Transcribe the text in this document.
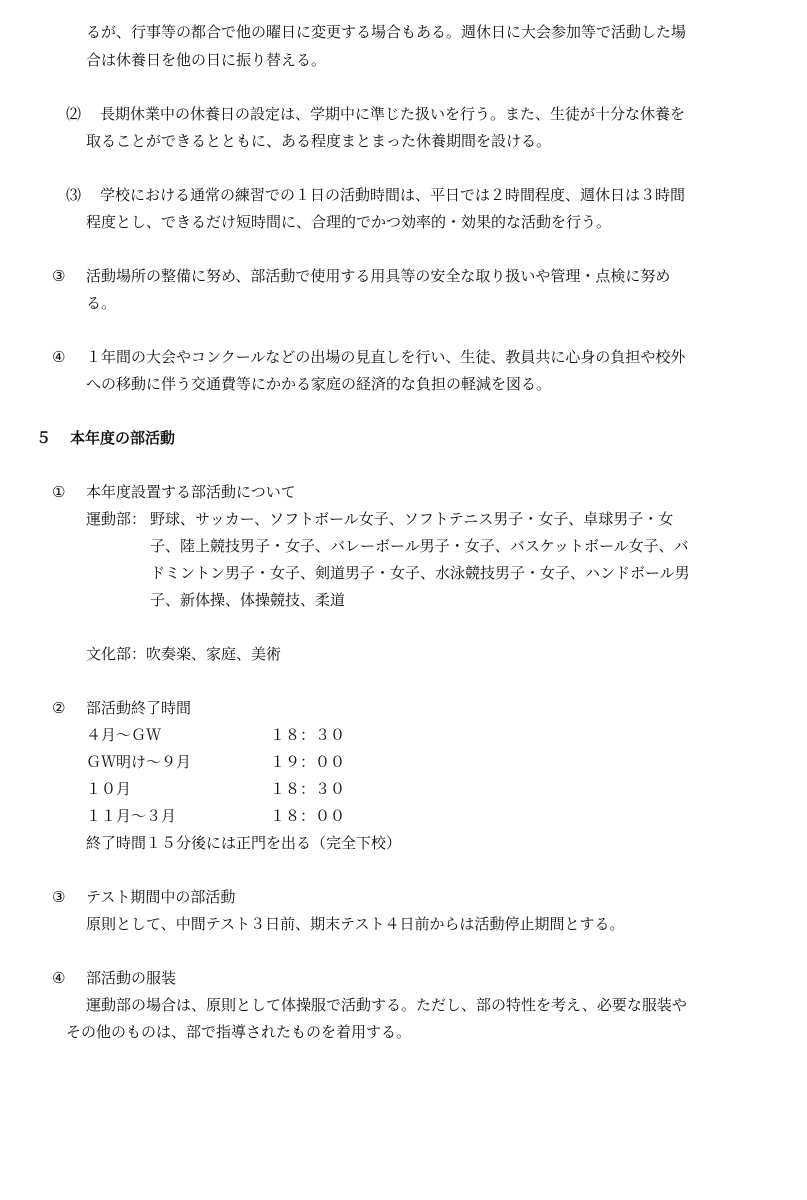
るが、行事等の都合で他の曜日に変更する場合もある。週休日に大会参加等で活動した場
合は休養日を他の日に振り替える。
⑵ 長期休業中の休養日の設定は、学期中に準じた扱いを行う。また、生徒が十分な休養を
取ることができるとともに、ある程度まとまった休養期間を設ける。
⑶ 学校における通常の練習での１日の活動時間は、平日では２時間程度、週休日は３時間
程度とし、できるだけ短時間に、合理的でかつ効率的・効果的な活動を行う。
③ 活動場所の整備に努め、部活動で使用する用具等の安全な取り扱いや管理・点検に努め
る。
④ １年間の大会やコンクールなどの出場の見直しを行い、生徒、教員共に心身の負担や校外
への移動に伴う交通費等にかかる家庭の経済的な負担の軽減を図る。
５ 本年度の部活動
① 本年度設置する部活動について
運動部： 野球、サッカー、ソフトボール女子、ソフトテニス男子・女子、卓球男子・女
子、陸上競技男子・女子、バレーボール男子・女子、バスケットボール女子、バ
ドミントン男子・女子、剣道男子・女子、水泳競技男子・女子、ハンドボール男
子、新体操、体操競技、柔道
文化部：吹奏楽、家庭、美術
② 部活動終了時間
４月～ＧＷ	１８：３０
ＧＷ明け～９月	１９：００
１０月	１８：３０
１１月～３月	１８：００
終了時間１５分後には正門を出る（完全下校）
③ テスト期間中の部活動
原則として、中間テスト３日前、期末テスト４日前からは活動停止期間とする。
④ 部活動の服装
運動部の場合は、原則として体操服で活動する。ただし、部の特性を考え、必要な服装や
その他のものは、部で指導されたものを着用する。
